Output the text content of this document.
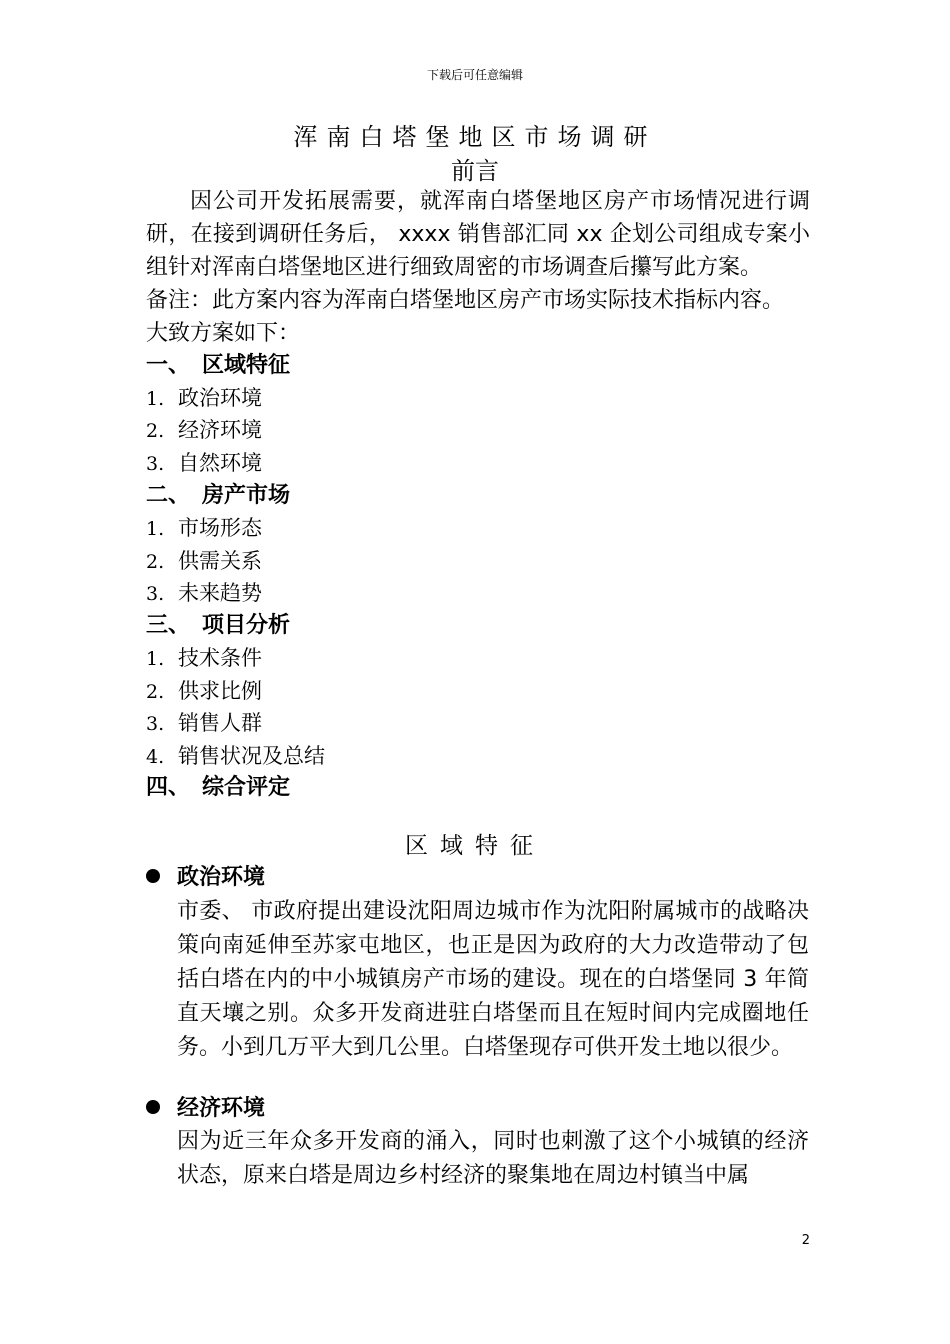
下载后可任意编辑
浑南白塔堡地区市场调研
前言
因公司开发拓展需要，就浑南白塔堡地区房产市场情况进行调研，在接到调研任务后， xxxx 销售部汇同 xx 企划公司组成专案小组针对浑南白塔堡地区进行细致周密的市场调查后攥写此方案。
备注：此方案内容为浑南白塔堡地区房产市场实际技术指标内容。
大致方案如下：
一、 区域特征
1. 政治环境
2. 经济环境
3. 自然环境
二、 房产市场
1. 市场形态
2. 供需关系
3. 未来趋势
三、 项目分析
1. 技术条件
2. 供求比例
3. 销售人群
4. 销售状况及总结
四、 综合评定
区域特征
政治环境
市委、 市政府提出建设沈阳周边城市作为沈阳附属城市的战略决策向南延伸至苏家屯地区，也正是因为政府的大力改造带动了包括白塔在内的中小城镇房产市场的建设。现在的白塔堡同 3 年简直天壤之别。众多开发商进驻白塔堡而且在短时间内完成圈地任务。小到几万平大到几公里。白塔堡现存可供开发土地以很少。
经济环境
因为近三年众多开发商的涌入，同时也刺激了这个小城镇的经济状态，原来白塔是周边乡村经济的聚集地在周边村镇当中属
2
